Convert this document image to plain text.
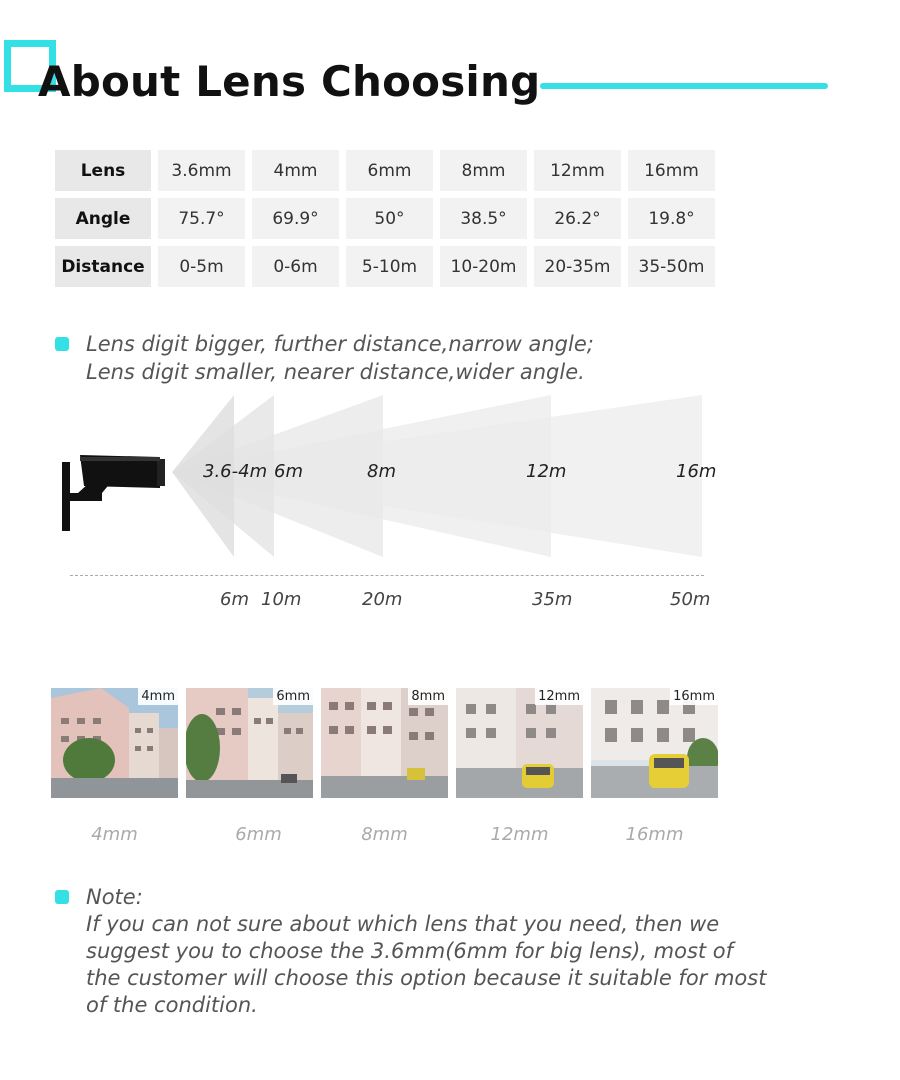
About Lens Choosing
Lens	3.6mm	4mm	6mm	8mm	12mm	16mm
Angle	75.7°	69.9°	50°	38.5°	26.2°	19.8°
Distance	0-5m	0-6m	5-10m	10-20m	20-35m	35-50m
Lens digit bigger, further distance,narrow angle;
Lens digit smaller, nearer distance,wider angle.
3.6-4m 6m	8m	12m	16m
6m 10m	20m	35m	50m
4mm	6mm	8mm	12mm	16mm
4mm	6mm	8mm	12mm	16mm
Note:
If you can not sure about which lens that you need, then we
suggest you to choose the 3.6mm(6mm for big lens), most of
the customer will choose this option because it suitable for most
of the condition.
